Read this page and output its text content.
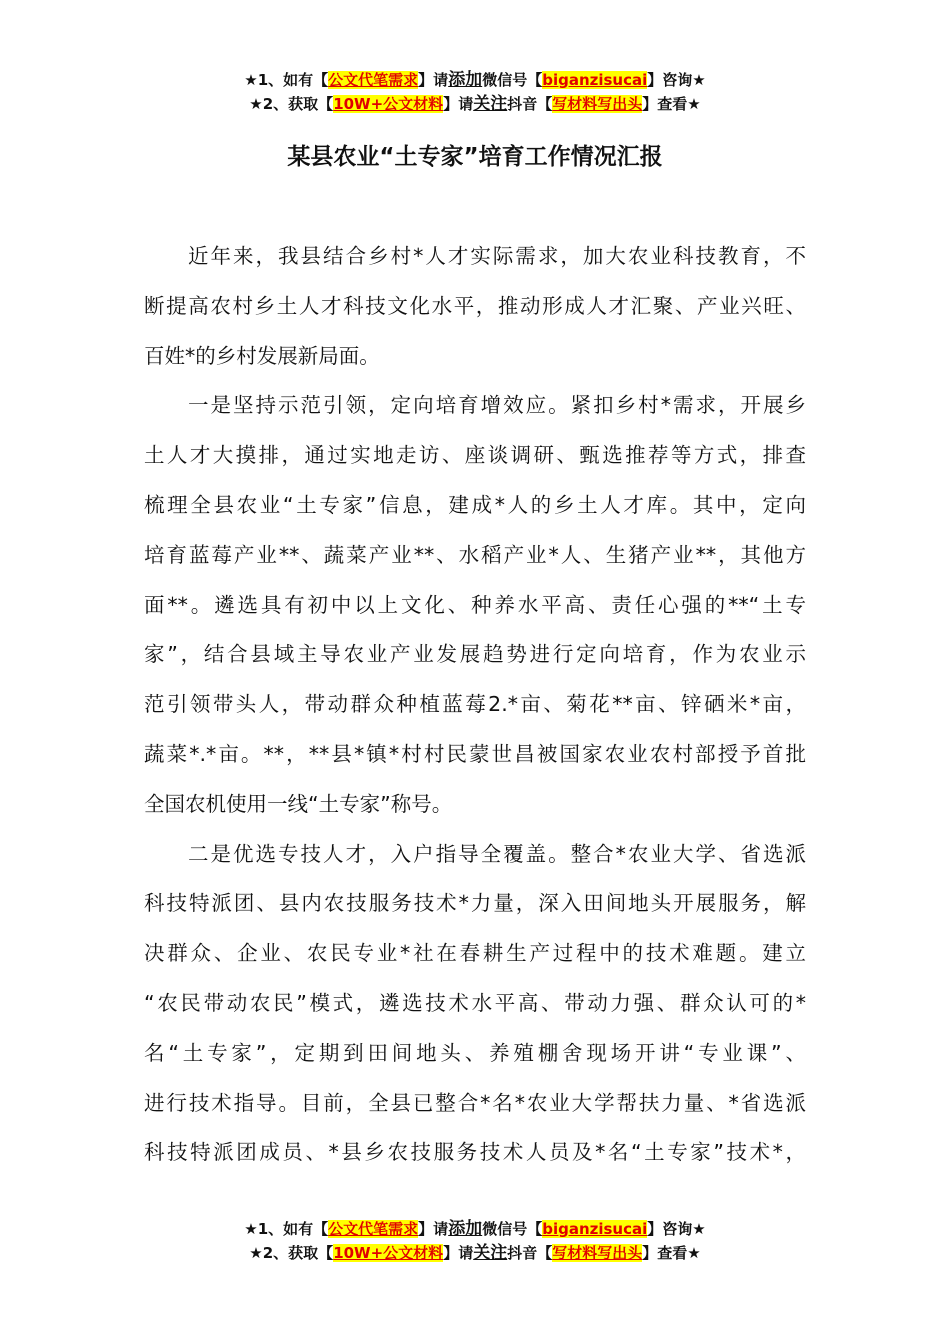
★1、如有【公文代笔需求】请添加微信号【biganzisucai】咨询★
★2、获取【10W+公文材料】请关注抖音【写材料写出头】查看★
某县农业“土专家”培育工作情况汇报
近年来，我县结合乡村*人才实际需求，加大农业科技教育，不
断提高农村乡土人才科技文化水平，推动形成人才汇聚、产业兴旺、
百姓*的乡村发展新局面。
一是坚持示范引领，定向培育增效应。紧扣乡村*需求，开展乡
土人才大摸排，通过实地走访、座谈调研、甄选推荐等方式，排查
梳理全县农业“土专家”信息，建成*人的乡土人才库。其中，定向
培育蓝莓产业**、蔬菜产业**、水稻产业*人、生猪产业**，其他方
面**。遴选具有初中以上文化、种养水平高、责任心强的**“土专
家”，结合县域主导农业产业发展趋势进行定向培育，作为农业示
范引领带头人，带动群众种植蓝莓2.*亩、菊花**亩、锌硒米*亩，
蔬菜*.*亩。**，**县*镇*村村民蒙世昌被国家农业农村部授予首批
全国农机使用一线“土专家”称号。
二是优选专技人才，入户指导全覆盖。整合*农业大学、省选派
科技特派团、县内农技服务技术*力量，深入田间地头开展服务，解
决群众、企业、农民专业*社在春耕生产过程中的技术难题。建立
“农民带动农民”模式，遴选技术水平高、带动力强、群众认可的*
名“土专家”，定期到田间地头、养殖棚舍现场开讲“专业课”、
进行技术指导。目前，全县已整合*名*农业大学帮扶力量、*省选派
科技特派团成员、*县乡农技服务技术人员及*名“土专家”技术*，
★1、如有【公文代笔需求】请添加微信号【biganzisucai】咨询★
★2、获取【10W+公文材料】请关注抖音【写材料写出头】查看★
